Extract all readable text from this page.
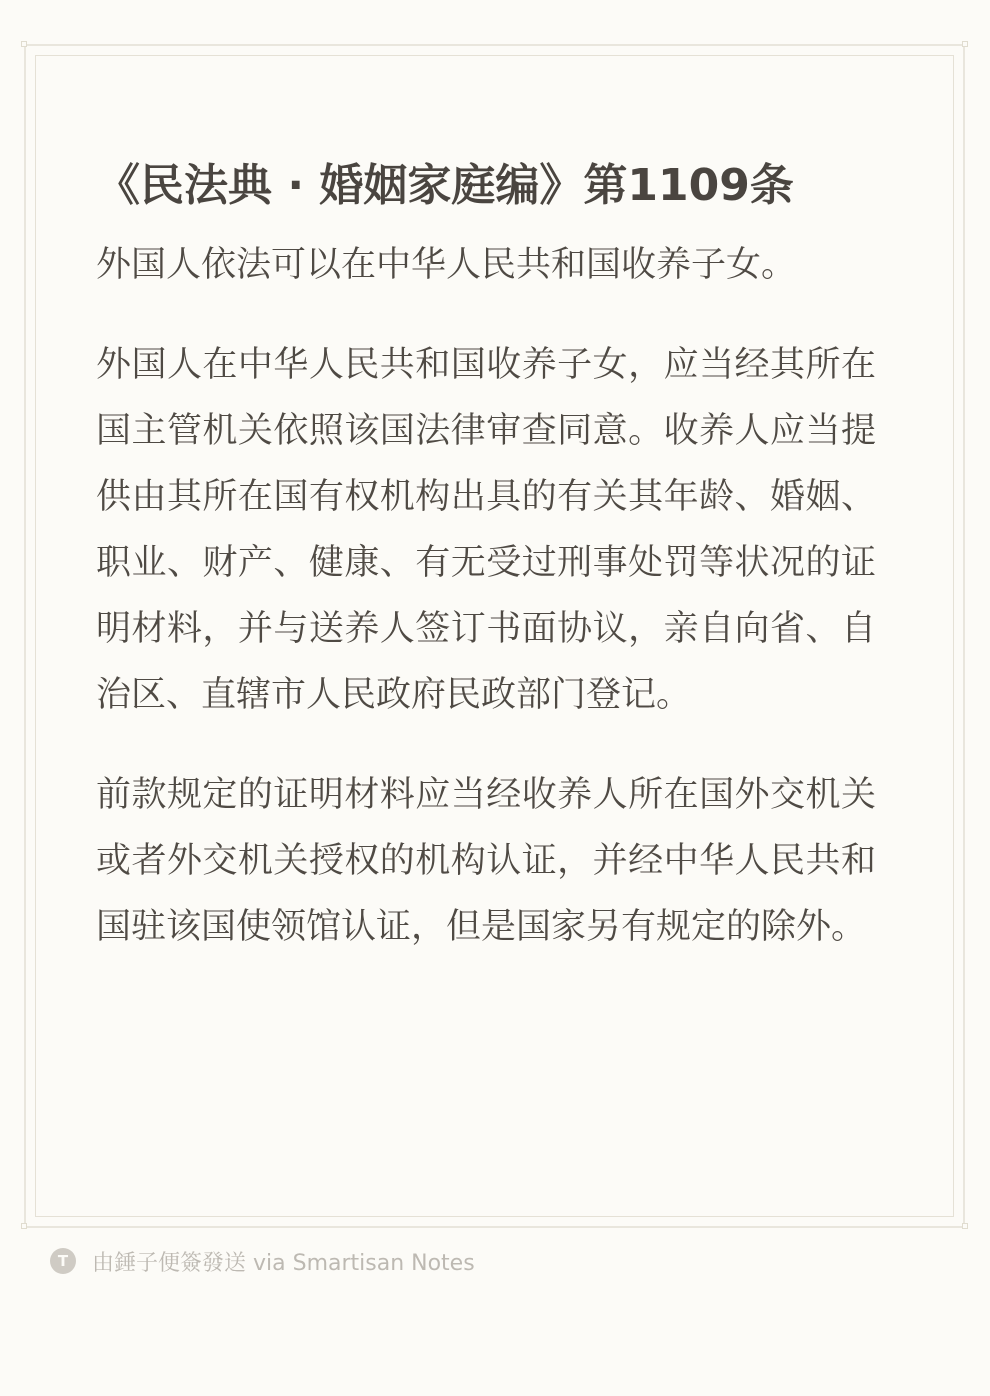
《民法典 · 婚姻家庭编》第1109条

外国人依法可以在中华人民共和国收养子女。

外国人在中华人民共和国收养子女，应当经其所在国主管机关依照该国法律审查同意。收养人应当提供由其所在国有权机构出具的有关其年龄、婚姻、职业、财产、健康、有无受过刑事处罚等状况的证明材料，并与送养人签订书面协议，亲自向省、自治区、直辖市人民政府民政部门登记。

前款规定的证明材料应当经收养人所在国外交机关或者外交机关授权的机构认证，并经中华人民共和国驻该国使领馆认证，但是国家另有规定的除外。

T	由錘子便簽發送 via Smartisan Notes
